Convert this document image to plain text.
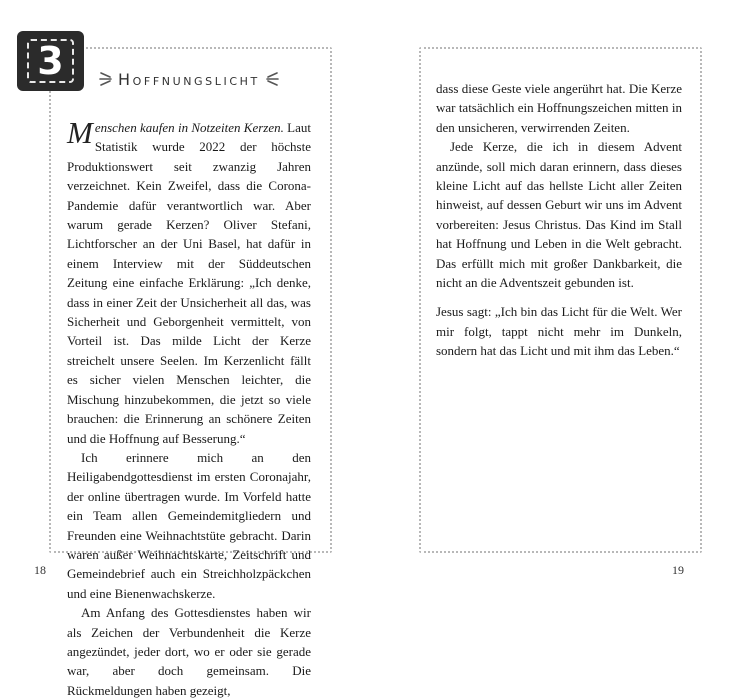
3	Hoffnungslicht

Menschen kaufen in Notzeiten Kerzen. Laut Statistik wurde 2022 der höchste Produktionswert seit zwanzig Jahren verzeichnet. Kein Zweifel, dass die Corona-Pandemie dafür verantwortlich war. Aber warum gerade Kerzen? Oliver Stefani, Lichtforscher an der Uni Basel, hat dafür in einem Interview mit der Süddeutschen Zeitung eine einfache Erklärung: „Ich denke, dass in einer Zeit der Unsicherheit all das, was Sicherheit und Geborgenheit vermittelt, von Vorteil ist. Das milde Licht der Kerze streichelt unsere Seelen. Im Kerzenlicht fällt es sicher vielen Menschen leichter, die Mischung hinzubekommen, die jetzt so viele brauchen: die Erinnerung an schönere Zeiten und die Hoffnung auf Besserung.“

Ich erinnere mich an den Heiligabendgottesdienst im ersten Coronajahr, der online übertragen wurde. Im Vorfeld hatte ein Team allen Gemeindemitgliedern und Freunden eine Weihnachtstüte gebracht. Darin waren außer Weihnachtskarte, Zeitschrift und Gemeindebrief auch ein Streichholzpäckchen und eine Bienenwachskerze.

Am Anfang des Gottesdienstes haben wir als Zeichen der Verbundenheit die Kerze angezündet, jeder dort, wo er oder sie gerade war, aber doch gemeinsam. Die Rückmeldungen haben gezeigt,

dass diese Geste viele angerührt hat. Die Kerze war tatsächlich ein Hoffnungszeichen mitten in den unsicheren, verwirrenden Zeiten.

Jede Kerze, die ich in diesem Advent anzünde, soll mich daran erinnern, dass dieses kleine Licht auf das hellste Licht aller Zeiten hinweist, auf dessen Geburt wir uns im Advent vorbereiten: Jesus Christus. Das Kind im Stall hat Hoffnung und Leben in die Welt gebracht. Das erfüllt mich mit großer Dankbarkeit, die nicht an die Adventszeit gebunden ist.

Jesus sagt: „Ich bin das Licht für die Welt. Wer mir folgt, tappt nicht mehr im Dunkeln, sondern hat das Licht und mit ihm das Leben.“

18	19
